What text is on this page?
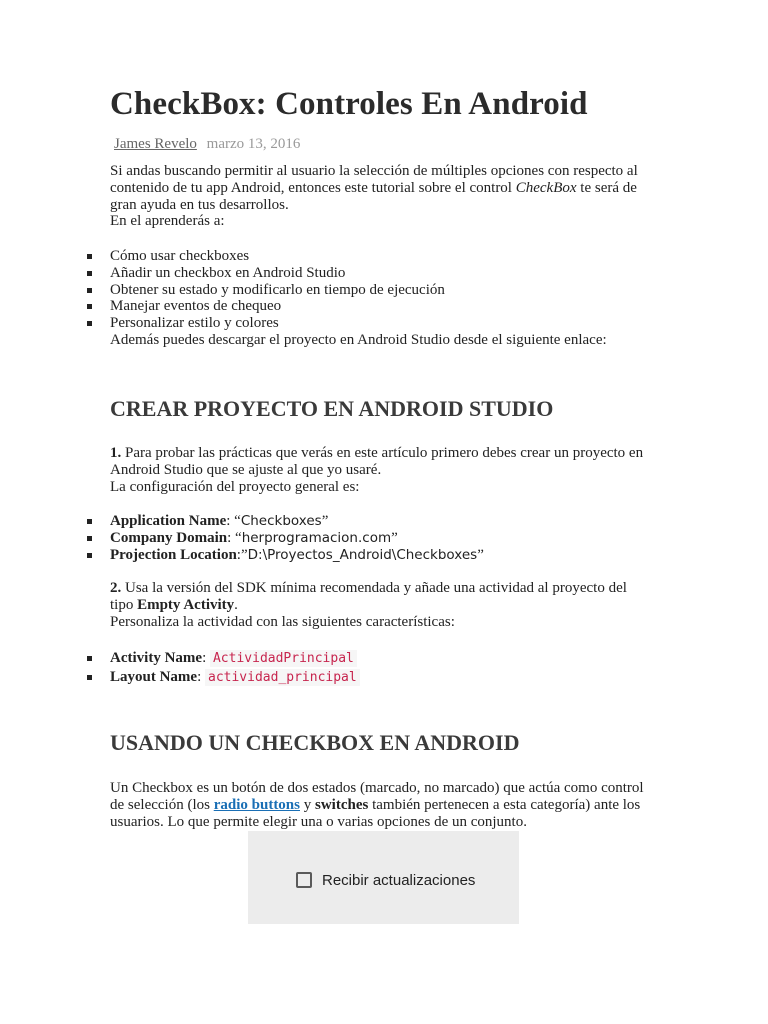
CheckBox: Controles En Android
James Revelo marzo 13, 2016

Si andas buscando permitir al usuario la selección de múltiples opciones con respecto al
contenido de tu app Android, entonces este tutorial sobre el control CheckBox te será de
gran ayuda en tus desarrollos.
En el aprenderás a:

Cómo usar checkboxes
Añadir un checkbox en Android Studio
Obtener su estado y modificarlo en tiempo de ejecución
Manejar eventos de chequeo
Personalizar estilo y colores

Además puedes descargar el proyecto en Android Studio desde el siguiente enlace:

CREAR PROYECTO EN ANDROID STUDIO

1. Para probar las prácticas que verás en este artículo primero debes crear un proyecto en
Android Studio que se ajuste al que yo usaré.
La configuración del proyecto general es:

Application Name: “Checkboxes”
Company Domain: “herprogramacion.com”
Projection Location:”D:\Proyectos_Android\Checkboxes”

2. Usa la versión del SDK mínima recomendada y añade una actividad al proyecto del
tipo Empty Activity.
Personaliza la actividad con las siguientes características:

Activity Name: ActividadPrincipal
Layout Name: actividad_principal
USANDO UN CHECKBOX EN ANDROID

Un Checkbox es un botón de dos estados (marcado, no marcado) que actúa como control
de selección (los radio buttons y switches también pertenecen a esta categoría) ante los
usuarios. Lo que permite elegir una o varias opciones de un conjunto.

Recibir actualizaciones
